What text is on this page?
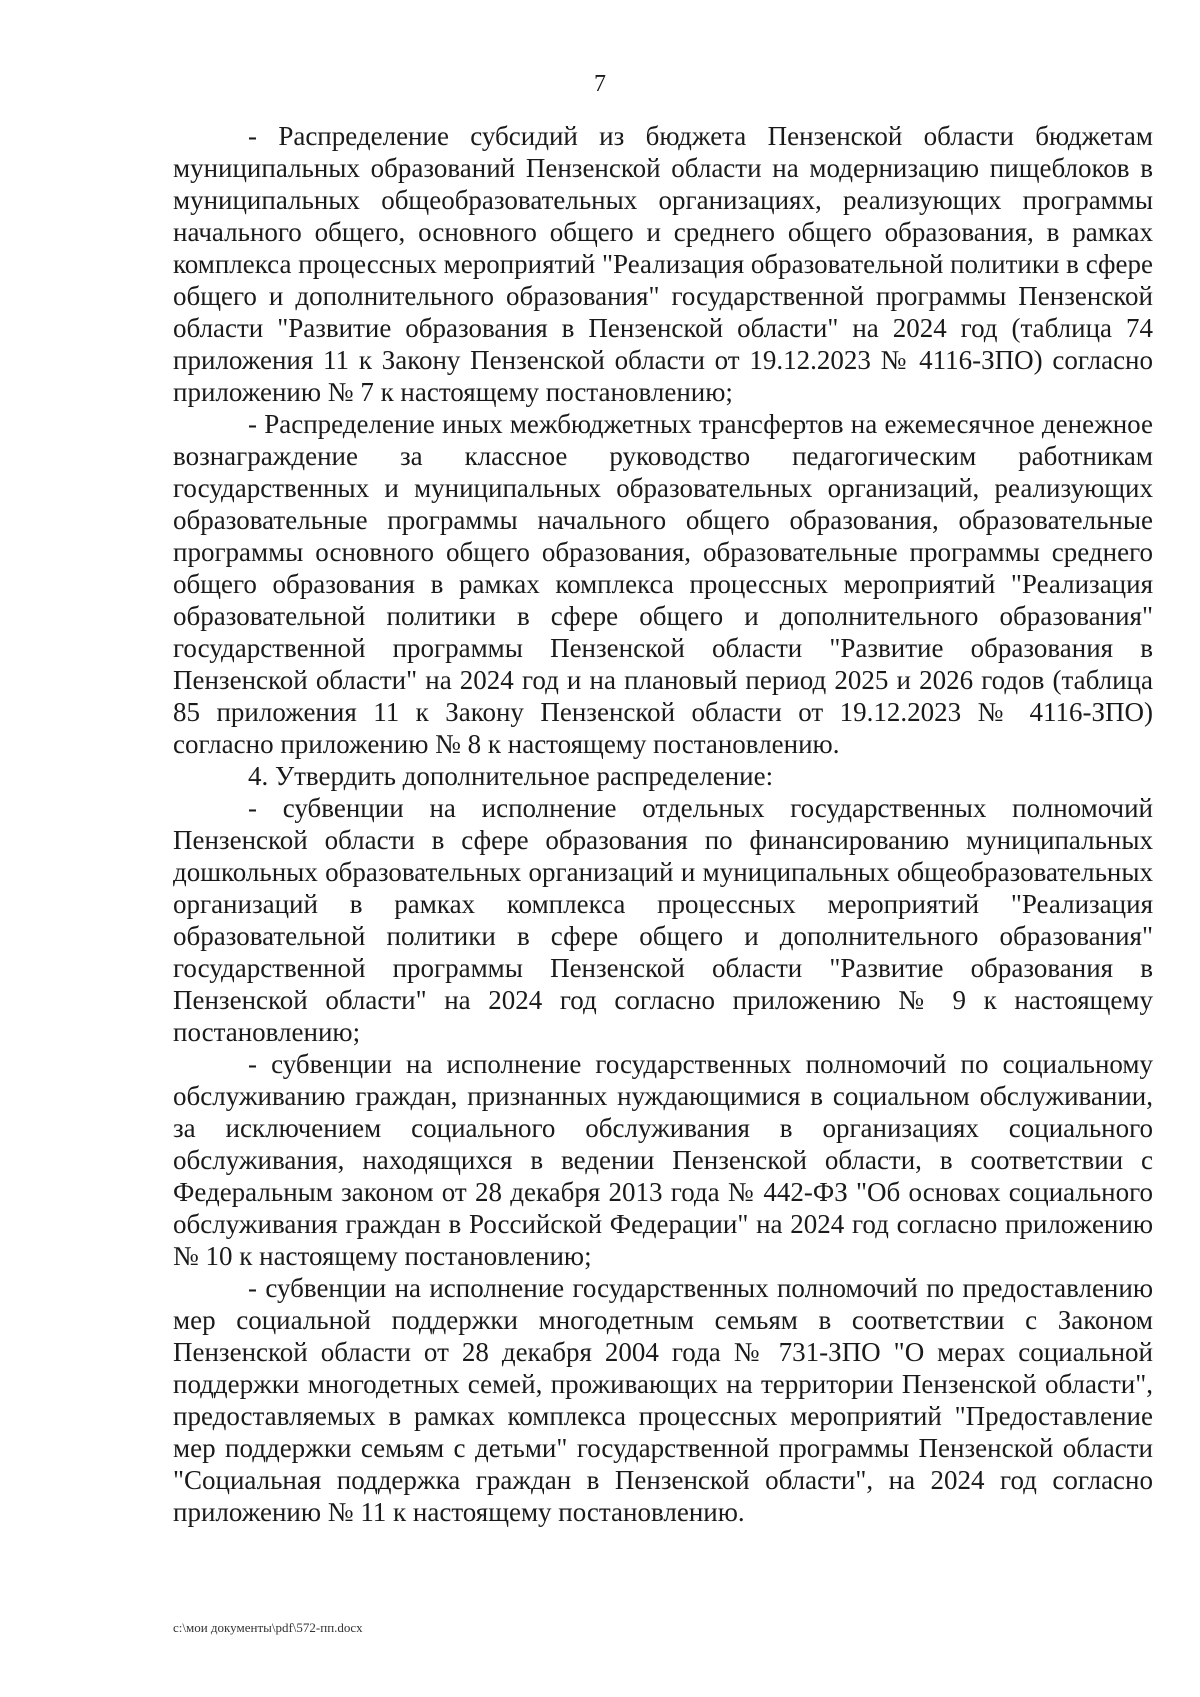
7

- Распределение субсидий из бюджета Пензенской области бюджетам муниципальных образований Пензенской области на модернизацию пищеблоков в муниципальных общеобразовательных организациях, реализующих программы начального общего, основного общего и среднего общего образования, в рамках комплекса процессных мероприятий "Реализация образовательной политики в сфере общего и дополнительного образования" государственной программы Пензенской области "Развитие образования в Пензенской области" на 2024 год (таблица 74 приложения 11 к Закону Пензенской области от 19.12.2023 № 4116-ЗПО) согласно приложению № 7 к настоящему постановлению;

- Распределение иных межбюджетных трансфертов на ежемесячное денежное вознаграждение за классное руководство педагогическим работникам государственных и муниципальных образовательных организаций, реализующих образовательные программы начального общего образования, образовательные программы основного общего образования, образовательные программы среднего общего образования в рамках комплекса процессных мероприятий "Реализация образовательной политики в сфере общего и дополнительного образования" государственной программы Пензенской области "Развитие образования в Пензенской области" на 2024 год и на плановый период 2025 и 2026 годов (таблица 85 приложения 11 к Закону Пензенской области от 19.12.2023 № 4116-ЗПО) согласно приложению № 8 к настоящему постановлению.

4. Утвердить дополнительное распределение:

- субвенции на исполнение отдельных государственных полномочий Пензенской области в сфере образования по финансированию муниципальных дошкольных образовательных организаций и муниципальных общеобразовательных организаций в рамках комплекса процессных мероприятий "Реализация образовательной политики в сфере общего и дополнительного образования" государственной программы Пензенской области "Развитие образования в Пензенской области" на 2024 год согласно приложению № 9 к настоящему постановлению;

- субвенции на исполнение государственных полномочий по социальному обслуживанию граждан, признанных нуждающимися в социальном обслуживании, за исключением социального обслуживания в организациях социального обслуживания, находящихся в ведении Пензенской области, в соответствии с Федеральным законом от 28 декабря 2013 года № 442-ФЗ "Об основах социального обслуживания граждан в Российской Федерации" на 2024 год согласно приложению № 10 к настоящему постановлению;

- субвенции на исполнение государственных полномочий по предоставлению мер социальной поддержки многодетным семьям в соответствии с Законом Пензенской области от 28 декабря 2004 года № 731-ЗПО "О мерах социальной поддержки многодетных семей, проживающих на территории Пензенской области", предоставляемых в рамках комплекса процессных мероприятий "Предоставление мер поддержки семьям с детьми" государственной программы Пензенской области "Социальная поддержка граждан в Пензенской области", на 2024 год согласно приложению № 11 к настоящему постановлению.

c:\мои документы\pdf\572-пп.docx
